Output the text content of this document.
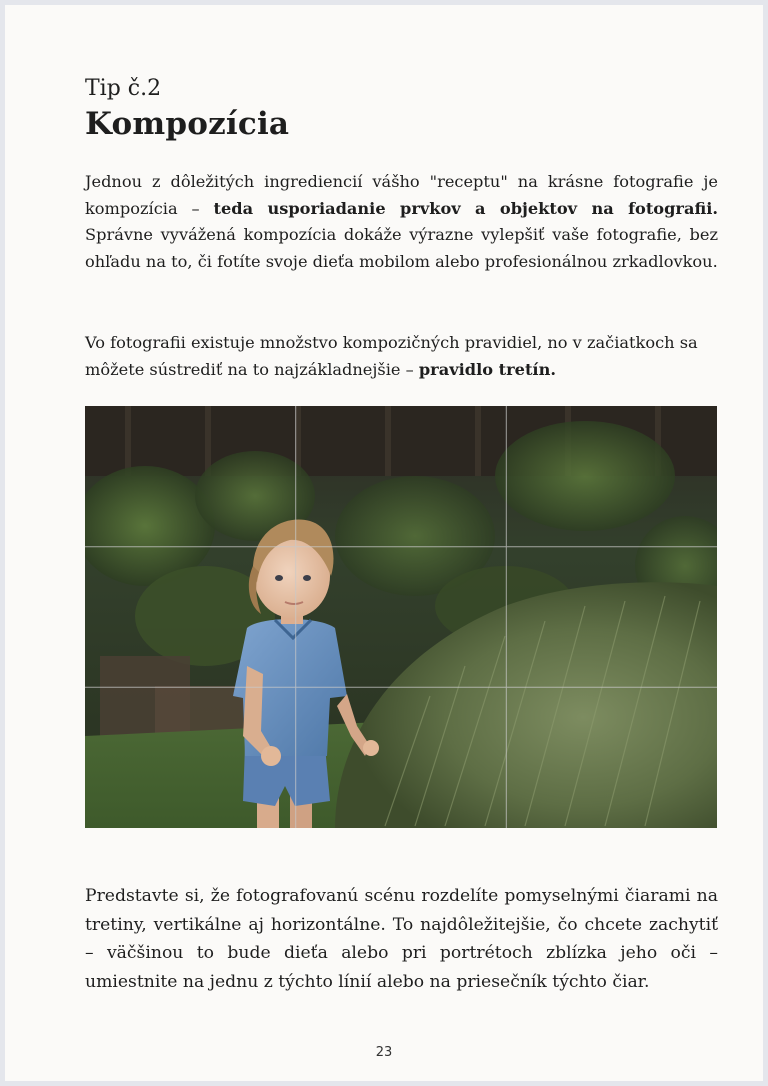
Tip č.2
Kompozícia

Jednou z dôležitých ingrediencií vášho "receptu" na krásne fotografie je kompozícia – teda usporiadanie prvkov a objektov na fotografii. Správne vyvážená kompozícia dokáže výrazne vylepšiť vaše fotografie, bez ohľadu na to, či fotíte svoje dieťa mobilom alebo profesionálnou zrkadlovkou.

Vo fotografii existuje množstvo kompozičných pravidiel, no v začiatkoch sa môžete sústrediť na to najzákladnejšie – pravidlo tretín.

Predstavte si, že fotografovanú scénu rozdelíte pomyselnými čiarami na tretiny, vertikálne aj horizontálne. To najdôležitejšie, čo chcete zachytiť – väčšinou to bude dieťa alebo pri portrétoch zblízka jeho oči – umiestnite na jednu z týchto línií alebo na priesečník týchto čiar.

23
